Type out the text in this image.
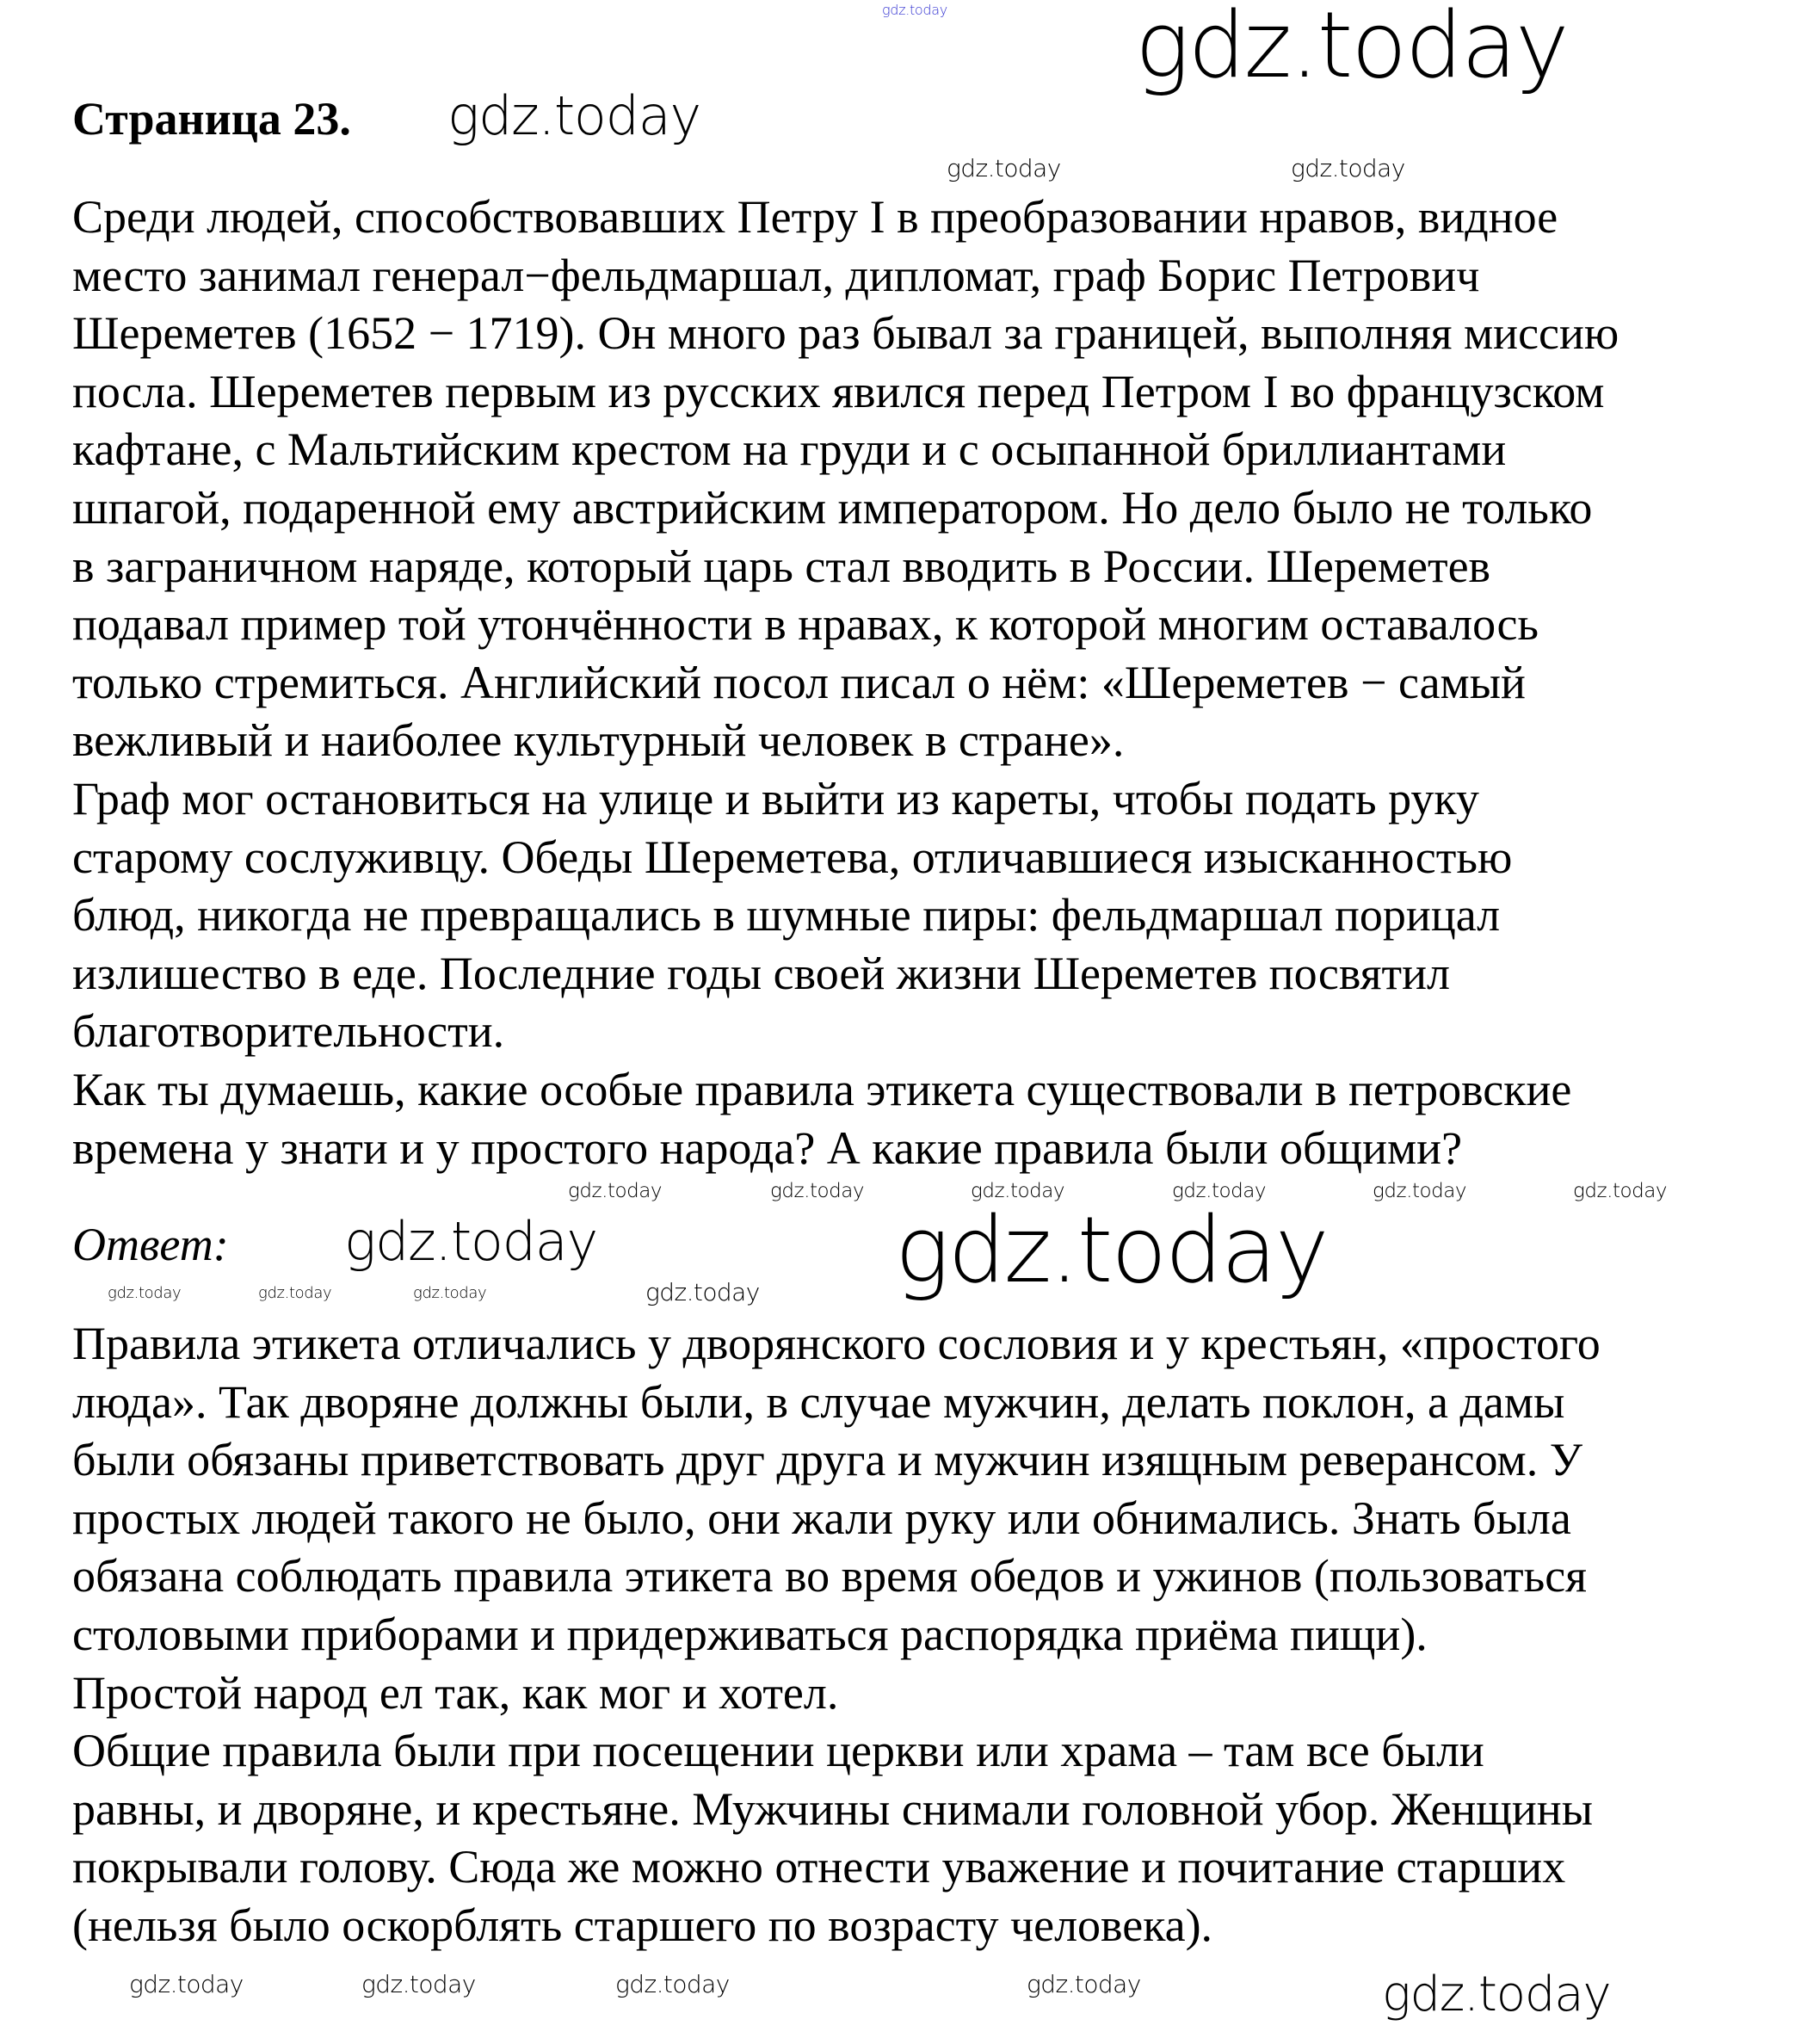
gdz.today
Страница 23.
Среди людей, способствовавших Петру I в преобразовании нравов, видное
место занимал генерал−фельдмаршал, дипломат, граф Борис Петрович
Шереметев (1652 − 1719). Он много раз бывал за границей, выполняя миссию
посла. Шереметев первым из русских явился перед Петром I во французском
кафтане, с Мальтийским крестом на груди и с осыпанной бриллиантами
шпагой, подаренной ему австрийским императором. Но дело было не только
в заграничном наряде, который царь стал вводить в России. Шереметев
подавал пример той утончённости в нравах, к которой многим оставалось
только стремиться. Английский посол писал о нём: «Шереметев − самый
вежливый и наиболее культурный человек в стране».
Граф мог остановиться на улице и выйти из кареты, чтобы подать руку
старому сослуживцу. Обеды Шереметева, отличавшиеся изысканностью
блюд, никогда не превращались в шумные пиры: фельдмаршал порицал
излишество в еде. Последние годы своей жизни Шереметев посвятил
благотворительности.
Как ты думаешь, какие особые правила этикета существовали в петровские
времена у знати и у простого народа? А какие правила были общими?
Ответ:
Правила этикета отличались у дворянского сословия и у крестьян, «простого
люда». Так дворяне должны были, в случае мужчин, делать поклон, а дамы
были обязаны приветствовать друг друга и мужчин изящным реверансом. У
простых людей такого не было, они жали руку или обнимались. Знать была
обязана соблюдать правила этикета во время обедов и ужинов (пользоваться
столовыми приборами и придерживаться распорядка приёма пищи).
Простой народ ел так, как мог и хотел.
Общие правила были при посещении церкви или храма – там все были
равны, и дворяне, и крестьяне. Мужчины снимали головной убор. Женщины
покрывали голову. Сюда же можно отнести уважение и почитание старших
(нельзя было оскорблять старшего по возрасту человека).
gdz.today
gdz.today
gdz.today	gdz.today
gdz.today	gdz.today	gdz.today	gdz.today	gdz.today	gdz.today
gdz.today	gdz.today
gdz.today	gdz.today	gdz.today	gdz.today
gdz.today	gdz.today	gdz.today	gdz.today	gdz.today
